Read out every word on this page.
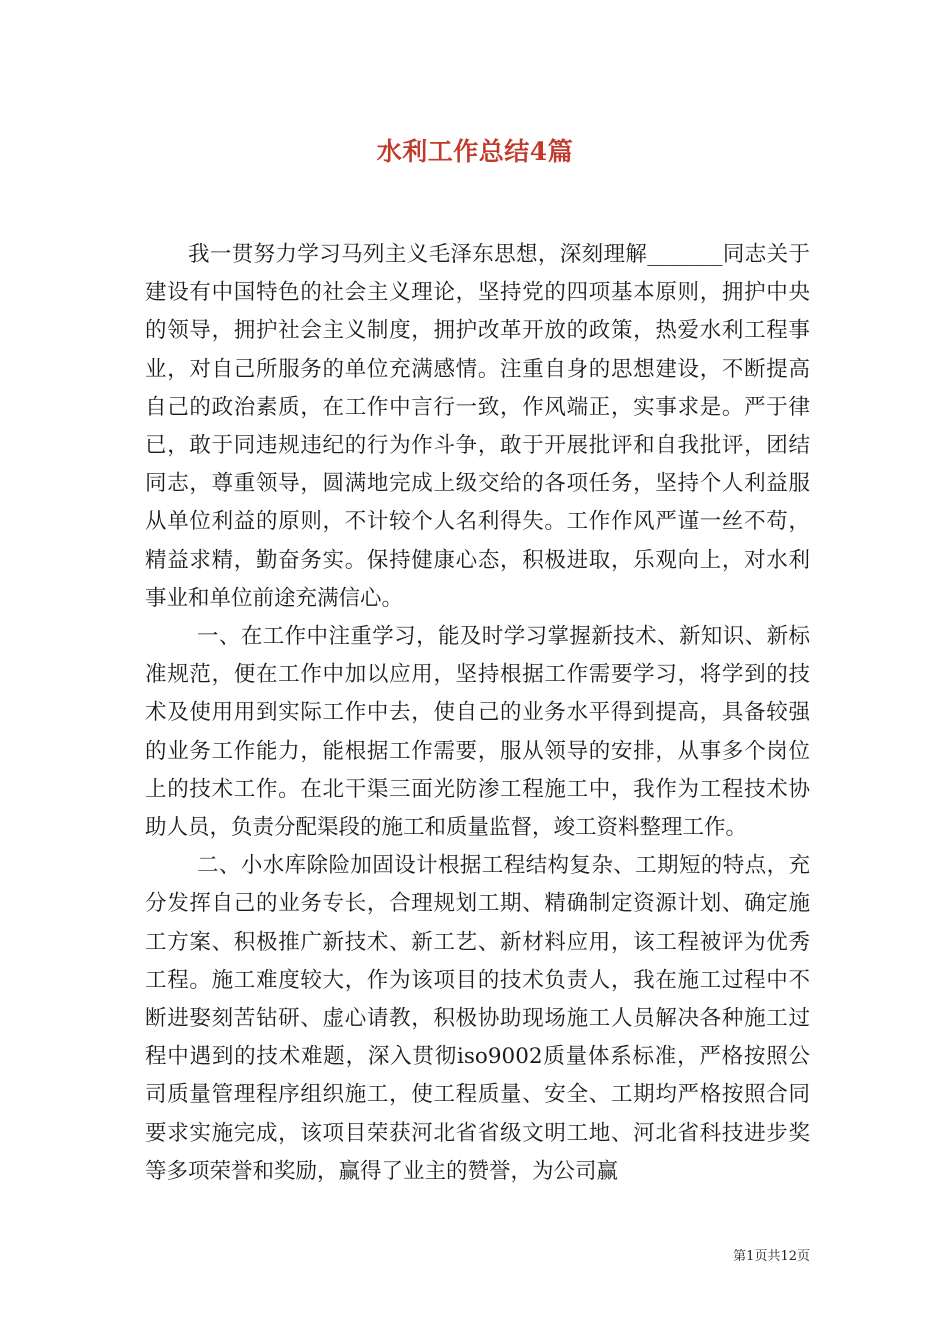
水利工作总结4篇

我一贯努力学习马列主义毛泽东思想，深刻理解_______同志关于建设有中国特色的社会主义理论，坚持党的四项基本原则，拥护中央的领导，拥护社会主义制度，拥护改革开放的政策，热爱水利工程事业，对自己所服务的单位充满感情。注重自身的思想建设，不断提高自己的政治素质，在工作中言行一致，作风端正，实事求是。严于律已，敢于同违规违纪的行为作斗争，敢于开展批评和自我批评，团结同志，尊重领导，圆满地完成上级交给的各项任务，坚持个人利益服从单位利益的原则，不计较个人名利得失。工作作风严谨一丝不苟，精益求精，勤奋务实。保持健康心态，积极进取，乐观向上，对水利事业和单位前途充满信心。

一、在工作中注重学习，能及时学习掌握新技术、新知识、新标准规范，便在工作中加以应用，坚持根据工作需要学习，将学到的技术及使用用到实际工作中去，使自己的业务水平得到提高，具备较强的业务工作能力，能根据工作需要，服从领导的安排，从事多个岗位上的技术工作。在北干渠三面光防渗工程施工中，我作为工程技术协助人员，负责分配渠段的施工和质量监督，竣工资料整理工作。

二、小水库除险加固设计根据工程结构复杂、工期短的特点，充分发挥自己的业务专长，合理规划工期、精确制定资源计划、确定施工方案、积极推广新技术、新工艺、新材料应用，该工程被评为优秀工程。施工难度较大，作为该项目的技术负责人，我在施工过程中不断进娶刻苦钻研、虚心请教，积极协助现场施工人员解决各种施工过程中遇到的技术难题，深入贯彻iso9002质量体系标准，严格按照公司质量管理程序组织施工，使工程质量、安全、工期均严格按照合同要求实施完成，该项目荣获河北省省级文明工地、河北省科技进步奖等多项荣誉和奖励，赢得了业主的赞誉，为公司赢

第1页共12页
